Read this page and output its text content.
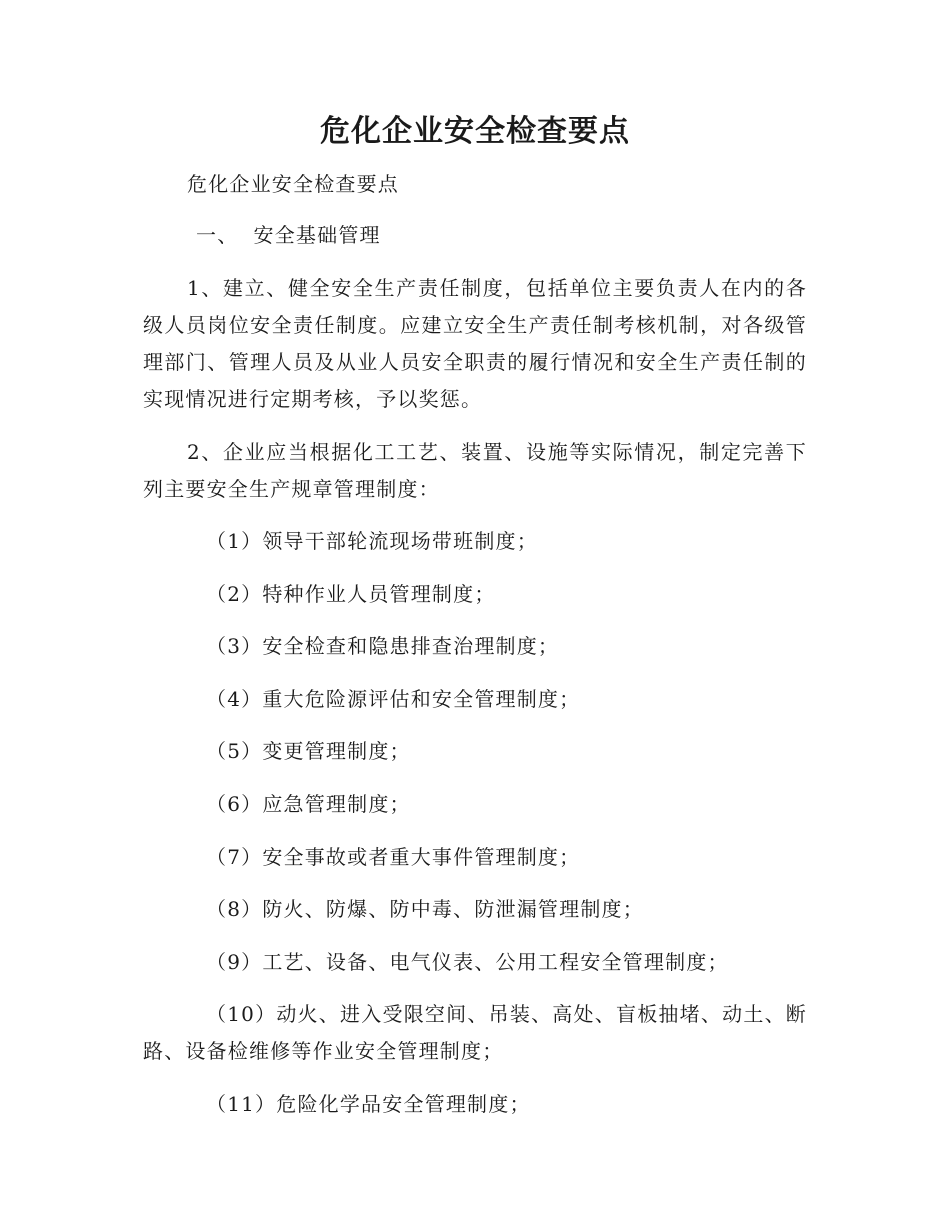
危化企业安全检查要点

危化企业安全检查要点

一、  安全基础管理

1、建立、健全安全生产责任制度，包括单位主要负责人在内的各级人员岗位安全责任制度。应建立安全生产责任制考核机制，对各级管理部门、管理人员及从业人员安全职责的履行情况和安全生产责任制的实现情况进行定期考核，予以奖惩。

2、企业应当根据化工工艺、装置、设施等实际情况，制定完善下列主要安全生产规章管理制度：

（1）领导干部轮流现场带班制度；

（2）特种作业人员管理制度；

（3）安全检查和隐患排查治理制度；

（4）重大危险源评估和安全管理制度；

（5）变更管理制度；

（6）应急管理制度；

（7）安全事故或者重大事件管理制度；

（8）防火、防爆、防中毒、防泄漏管理制度；

（9）工艺、设备、电气仪表、公用工程安全管理制度；

（10）动火、进入受限空间、吊装、高处、盲板抽堵、动土、断路、设备检维修等作业安全管理制度；

（11）危险化学品安全管理制度；
